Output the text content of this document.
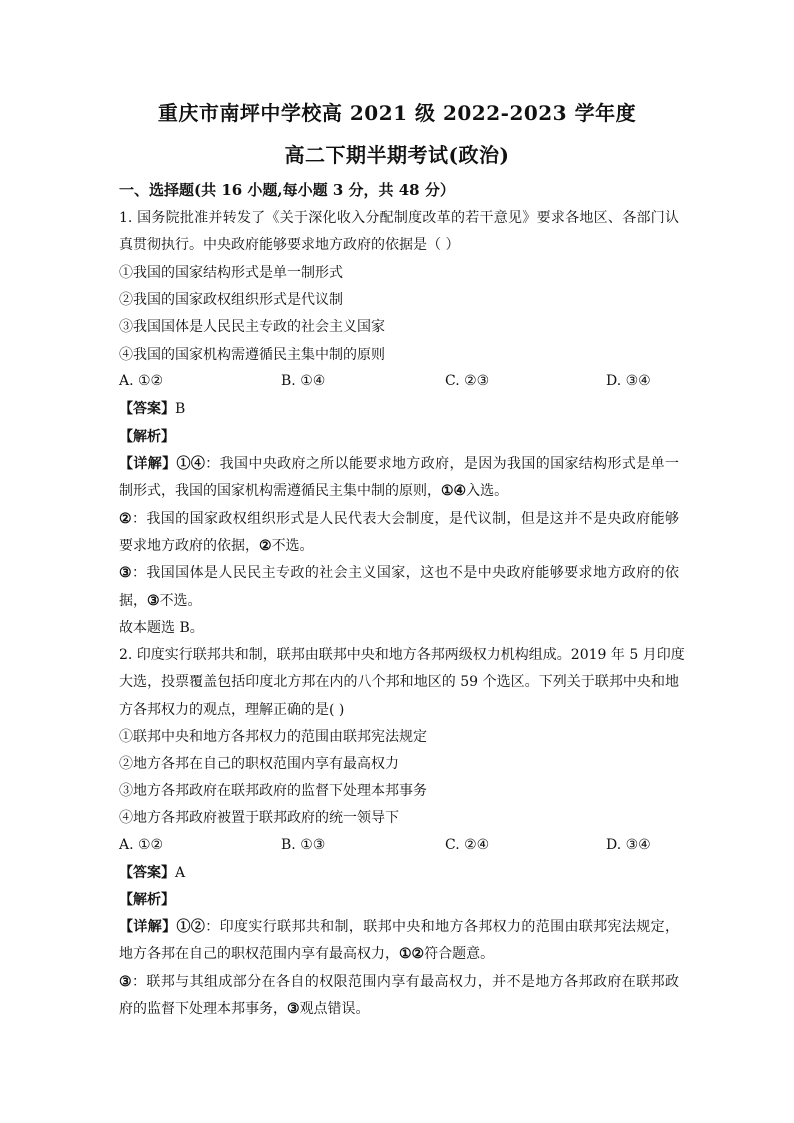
重庆市南坪中学校高 2021 级 2022-2023 学年度
高二下期半期考试(政治)
一、选择题(共 16 小题,每小题 3 分，共 48 分）
1. 国务院批准并转发了《关于深化收入分配制度改革的若干意见》要求各地区、各部门认
真贯彻执行。中央政府能够要求地方政府的依据是（ ）
①我国的国家结构形式是单一制形式
②我国的国家政权组织形式是代议制
③我国国体是人民民主专政的社会主义国家
④我国的国家机构需遵循民主集中制的原则
A. ①②	B. ①④	C. ②③	D. ③④
【答案】B
【解析】
【详解】①④：我国中央政府之所以能要求地方政府，是因为我国的国家结构形式是单一
制形式，我国的国家机构需遵循民主集中制的原则，①④入选。
②：我国的国家政权组织形式是人民代表大会制度，是代议制，但是这并不是央政府能够
要求地方政府的依据，②不选。
③：我国国体是人民民主专政的社会主义国家，这也不是中央政府能够要求地方政府的依
据，③不选。
故本题选 B。
2. 印度实行联邦共和制，联邦由联邦中央和地方各邦两级权力机构组成。2019 年 5 月印度
大选，投票覆盖包括印度北方邦在内的八个邦和地区的 59 个选区。下列关于联邦中央和地
方各邦权力的观点，理解正确的是( )
①联邦中央和地方各邦权力的范围由联邦宪法规定
②地方各邦在自己的职权范围内享有最高权力
③地方各邦政府在联邦政府的监督下处理本邦事务
④地方各邦政府被置于联邦政府的统一领导下
A. ①②	B. ①③	C. ②④	D. ③④
【答案】A
【解析】
【详解】①②：印度实行联邦共和制，联邦中央和地方各邦权力的范围由联邦宪法规定，
地方各邦在自己的职权范围内享有最高权力，①②符合题意。
③：联邦与其组成部分在各自的权限范围内享有最高权力，并不是地方各邦政府在联邦政
府的监督下处理本邦事务，③观点错误。
